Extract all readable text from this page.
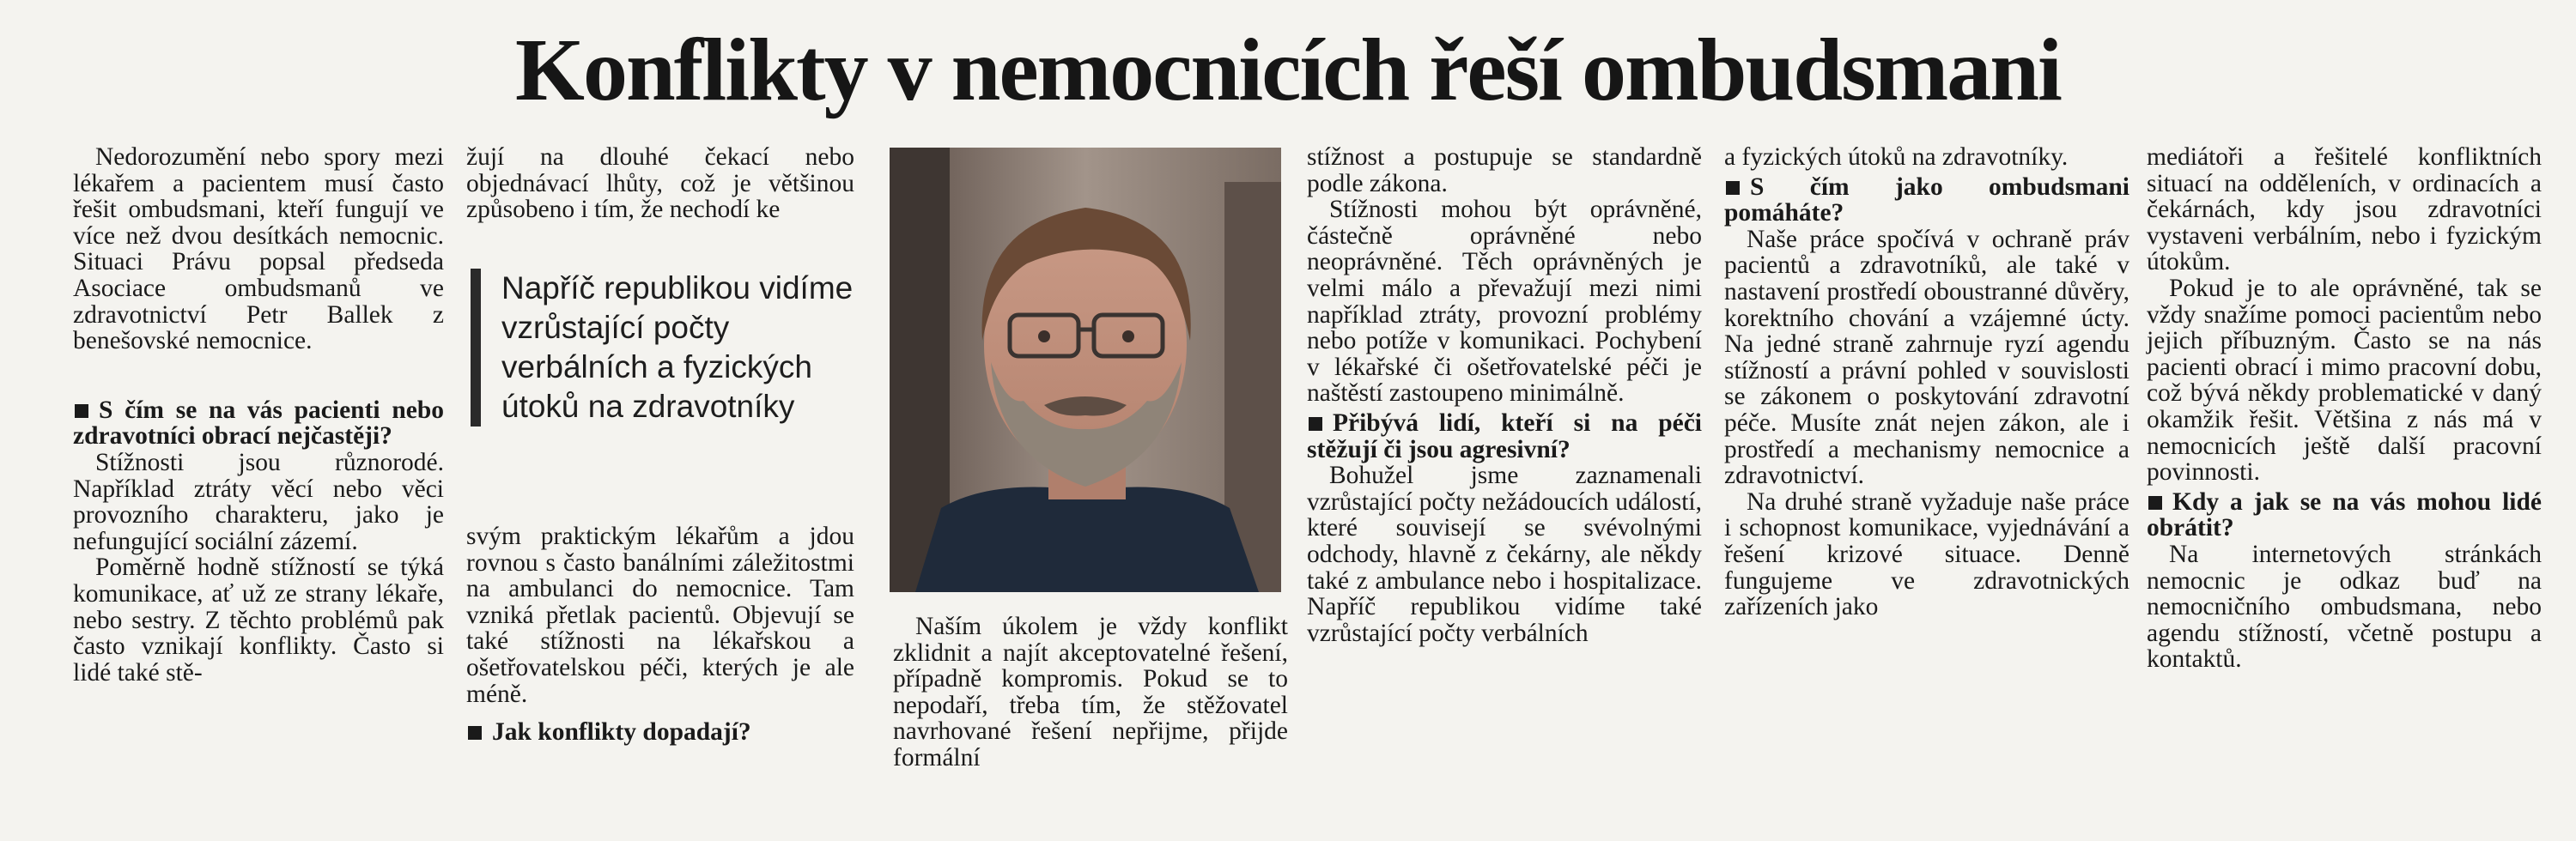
Konflikty v nemocnicích řeší ombudsmani

Nedorozumění nebo spory mezi lékařem a pacientem musí často řešit ombudsmani, kteří fungují ve více než dvou desítkách nemocnic. Situaci Právu popsal předseda Asociace ombudsmanů ve zdravotnictví Petr Ballek z benešovské nemocnice.

S čím se na vás pacienti nebo zdravotníci obrací nejčastěji?

Stížnosti jsou různorodé. Například ztráty věcí nebo věci provozního charakteru, jako je nefungující sociální zázemí.

Poměrně hodně stížností se týká komunikace, ať už ze strany lékaře, nebo sestry. Z těchto problémů pak často vznikají konflikty. Často si lidé také stě-

žují na dlouhé čekací nebo objednávací lhůty, což je většinou způsobeno i tím, že nechodí ke

Napříč republikou vidíme vzrůstající počty verbálních a fyzických útoků na zdravotníky

svým praktickým lékařům a jdou rovnou s často banálními záležitostmi na ambulanci do nemocnice. Tam vzniká přetlak pacientů. Objevují se také stížnosti na lékařskou a ošetřovatelskou péči, kterých je ale méně.

Jak konflikty dopadají?

Naším úkolem je vždy konflikt zklidnit a najít akceptovatelné řešení, případně kompromis. Pokud se to nepodaří, třeba tím, že stěžovatel navrhované řešení nepřijme, přijde formální

stížnost a postupuje se standardně podle zákona.

Stížnosti mohou být oprávněné, částečně oprávněné nebo neoprávněné. Těch oprávněných je velmi málo a převažují mezi nimi například ztráty, provozní problémy nebo potíže v komunikaci. Pochybení v lékařské či ošetřovatelské péči je naštěstí zastoupeno minimálně.

Přibývá lidí, kteří si na péči stěžují či jsou agresivní?

Bohužel jsme zaznamenali vzrůstající počty nežádoucích událostí, které souvisejí se svévolnými odchody, hlavně z čekárny, ale někdy také z ambulance nebo i hospitalizace. Napříč republikou vidíme také vzrůstající počty verbálních

a fyzických útoků na zdravotníky.

S čím jako ombudsmani pomáháte?

Naše práce spočívá v ochraně práv pacientů a zdravotníků, ale také v nastavení prostředí oboustranné důvěry, korektního chování a vzájemné úcty. Na jedné straně zahrnuje ryzí agendu stížností a právní pohled v souvislosti se zákonem o poskytování zdravotní péče. Musíte znát nejen zákon, ale i prostředí a mechanismy nemocnice a zdravotnictví.

Na druhé straně vyžaduje naše práce i schopnost komunikace, vyjednávání a řešení krizové situace. Denně fungujeme ve zdravotnických zařízeních jako

mediátoři a řešitelé konfliktních situací na odděleních, v ordinacích a čekárnách, kdy jsou zdravotníci vystaveni verbálním, nebo i fyzickým útokům.

Pokud je to ale oprávněné, tak se vždy snažíme pomoci pacientům nebo jejich příbuzným. Často se na nás pacienti obrací i mimo pracovní dobu, což bývá někdy problematické v daný okamžik řešit. Většina z nás má v nemocnicích ještě další pracovní povinnosti.

Kdy a jak se na vás mohou lidé obrátit?

Na internetových stránkách nemocnic je odkaz buď na nemocničního ombudsmana, nebo agendu stížností, včetně postupu a kontaktů.
